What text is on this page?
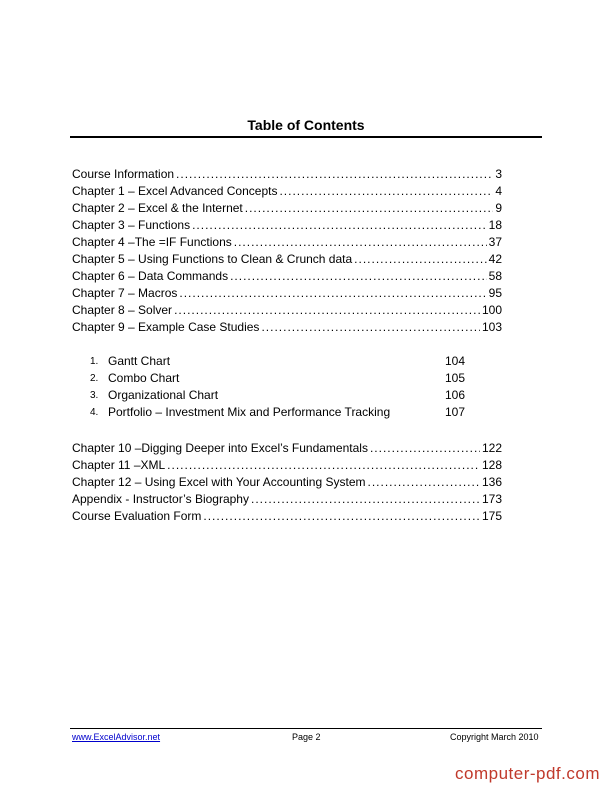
Table of Contents
Course Information .....	3
Chapter 1 – Excel Advanced Concepts .....	4
Chapter 2 – Excel & the Internet .....	9
Chapter 3 – Functions .....	18
Chapter 4 –The =IF Functions .....	37
Chapter 5 – Using Functions to Clean & Crunch data .....	42
Chapter 6 – Data Commands .....	58
Chapter 7 – Macros .....	95
Chapter 8 – Solver .....	100
Chapter 9 – Example Case Studies .....	103
1. Gantt Chart	104
2. Combo Chart	105
3. Organizational Chart	106
4. Portfolio – Investment Mix and Performance Tracking	107
Chapter 10 –Digging Deeper into Excel’s Fundamentals .....	122
Chapter 11 –XML .....	128
Chapter 12 – Using Excel with Your Accounting System .....	136
Appendix - Instructor’s Biography .....	173
Course Evaluation Form .....	175
www.ExcelAdvisor.net	Page 2	Copyright March 2010
computer-pdf.com
